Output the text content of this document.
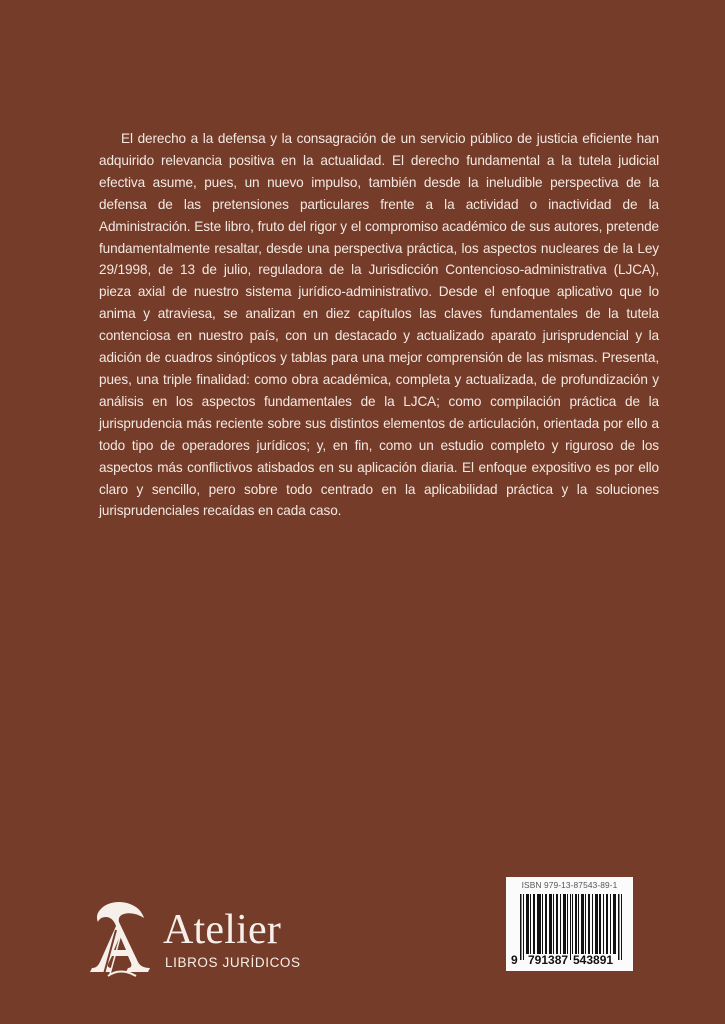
El derecho a la defensa y la consagración de un servicio público de justicia eficiente han adquirido relevancia positiva en la actualidad. El derecho fundamental a la tutela judicial efectiva asume, pues, un nuevo impulso, también desde la ineludible perspectiva de la defensa de las pretensiones particulares frente a la actividad o inactividad de la Administración. Este libro, fruto del rigor y el compromiso académico de sus autores, pretende fundamentalmente resaltar, desde una perspectiva práctica, los aspectos nucleares de la Ley 29/1998, de 13 de julio, reguladora de la Jurisdicción Contencioso-administrativa (LJCA), pieza axial de nuestro sistema jurídico-administrativo. Desde el enfoque aplicativo que lo anima y atraviesa, se analizan en diez capítulos las claves fundamentales de la tutela contenciosa en nuestro país, con un destacado y actualizado aparato jurisprudencial y la adición de cuadros sinópticos y tablas para una mejor comprensión de las mismas. Presenta, pues, una triple finalidad: como obra académica, completa y actualizada, de profundización y análisis en los aspectos fundamentales de la LJCA; como compilación práctica de la jurisprudencia más reciente sobre sus distintos elementos de articulación, orientada por ello a todo tipo de operadores jurídicos; y, en fin, como un estudio completo y riguroso de los aspectos más conflictivos atisbados en su aplicación diaria. El enfoque expositivo es por ello claro y sencillo, pero sobre todo centrado en la aplicabilidad práctica y la soluciones jurisprudenciales recaídas en cada caso.

Atelier
LIBROS JURÍDICOS
ISBN 979-13-87543-89-1
9 791387 543891
